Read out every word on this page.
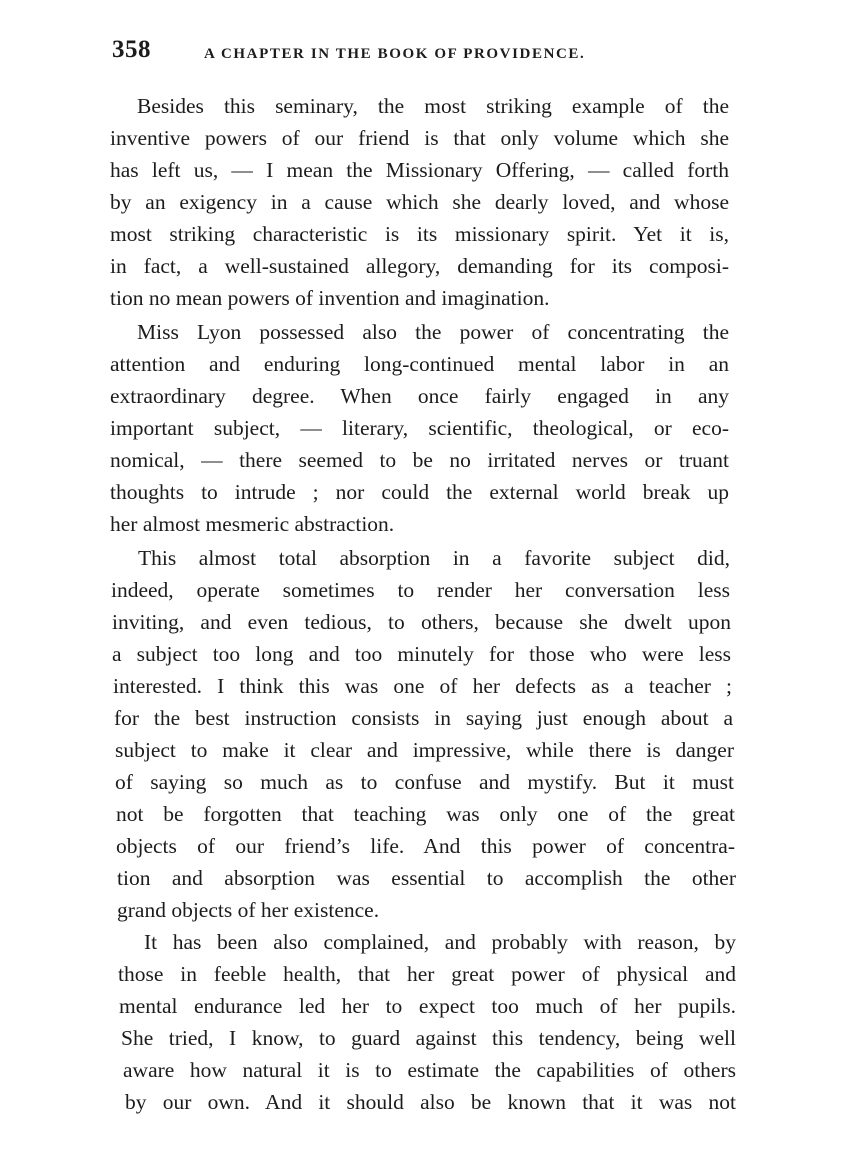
358	A CHAPTER IN THE BOOK OF PROVIDENCE.

Besides this seminary, the most striking example of the

inventive powers of our friend is that only volume which she

has left us, — I mean the Missionary Offering, — called forth

by an exigency in a cause which she dearly loved, and whose

most striking characteristic is its missionary spirit. Yet it is,

in fact, a well-sustained allegory, demanding for its composi-

tion no mean powers of invention and imagination.

Miss Lyon possessed also the power of concentrating the

attention and enduring long-continued mental labor in an

extraordinary degree. When once fairly engaged in any

important subject, — literary, scientific, theological, or eco-

nomical, — there seemed to be no irritated nerves or truant

thoughts to intrude ; nor could the external world break up

her almost mesmeric abstraction.

This almost total absorption in a favorite subject did,

indeed, operate sometimes to render her conversation less

inviting, and even tedious, to others, because she dwelt upon

a subject too long and too minutely for those who were less

interested. I think this was one of her defects as a teacher ;

for the best instruction consists in saying just enough about a

subject to make it clear and impressive, while there is danger

of saying so much as to confuse and mystify. But it must

not be forgotten that teaching was only one of the great

objects of our friend’s life. And this power of concentra-

tion and absorption was essential to accomplish the other

grand objects of her existence.

It has been also complained, and probably with reason, by

those in feeble health, that her great power of physical and

mental endurance led her to expect too much of her pupils.

She tried, I know, to guard against this tendency, being well

aware how natural it is to estimate the capabilities of others

by our own. And it should also be known that it was not
